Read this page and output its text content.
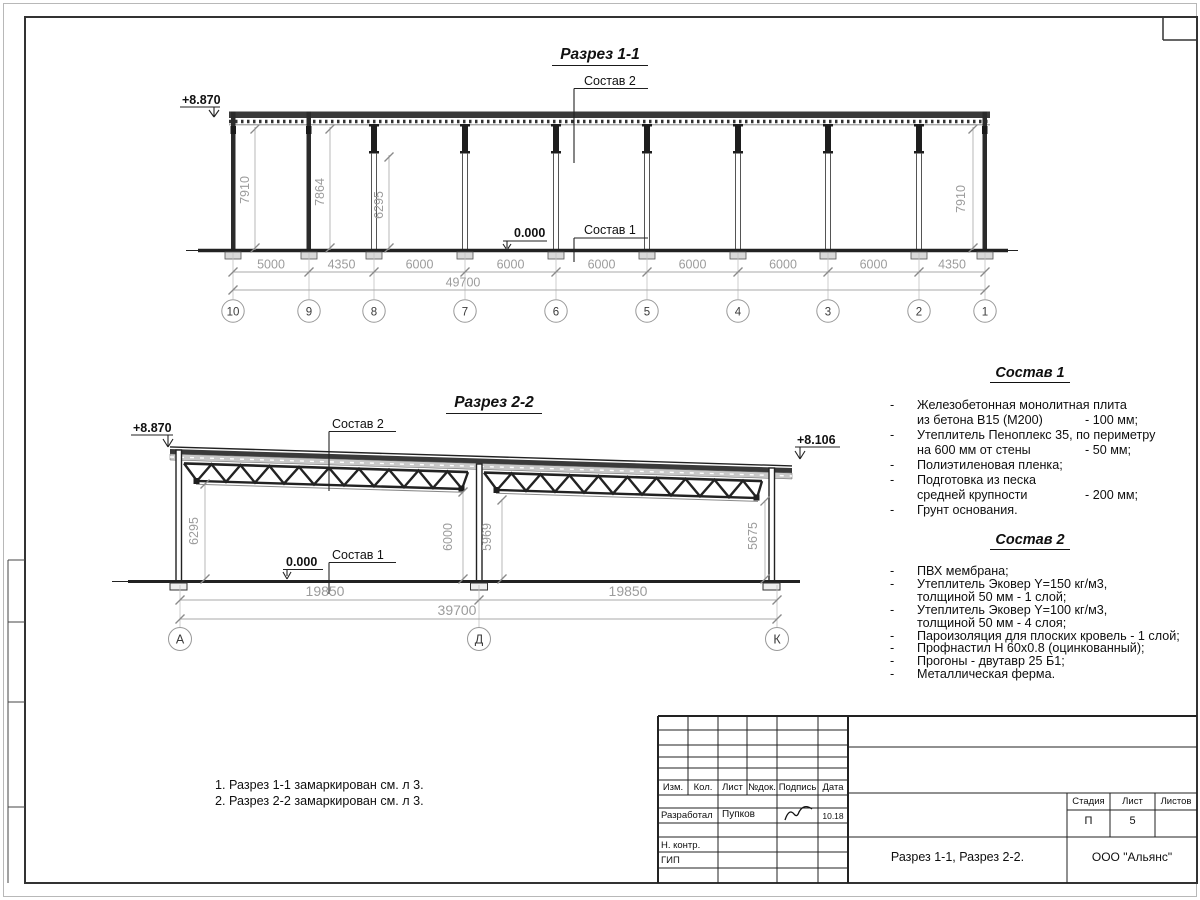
+8.870
Состав 2
Состав 1
0.000
7910	7864	6295	7910
5000	4350	6000	6000	6000	6000	6000	6000	4350
49700
10	9	8	7	6	5	4	3	2	1
+8.870
+8.106
Состав 2
Состав 1
0.000
6295	6000 5969	5675
19850	19850
39700
А	Д	К
Разрез 1-1
Разрез 2-2
Состав 1
- Железобетонная монолитная плита
из бетона В15 (М200)	- 100 мм;
- Утеплитель Пеноплекс 35, по периметру
на 600 мм от стены	- 50 мм;
- Полиэтиленовая пленка;
- Подготовка из песка
средней крупности	- 200 мм;
- Грунт основания.
Состав 2
- ПВХ мембрана;
- Утеплитель Эковер Y=150 кг/м3,
толщиной 50 мм - 1 слой;
- Утеплитель Эковер Y=100 кг/м3,
толщиной 50 мм - 4 слоя;
- Пароизоляция для плоских кровель - 1 слой;
- Профнастил Н 60х0.8 (оцинкованный);
- Прогоны - двутавр 25 Б1;
- Металлическая ферма.
1. Разрез 1-1 замаркирован см. л 3.
2. Разрез 2-2 замаркирован см. л 3.
Изм.	Кол.	Лист №док. Подпись Дата
Разработал Пупков	10.18
Н. контр.
ГИП
Стадия	Лист	Листов
П	5
Разрез 1-1, Разрез 2-2.	ООО "Альянс"
